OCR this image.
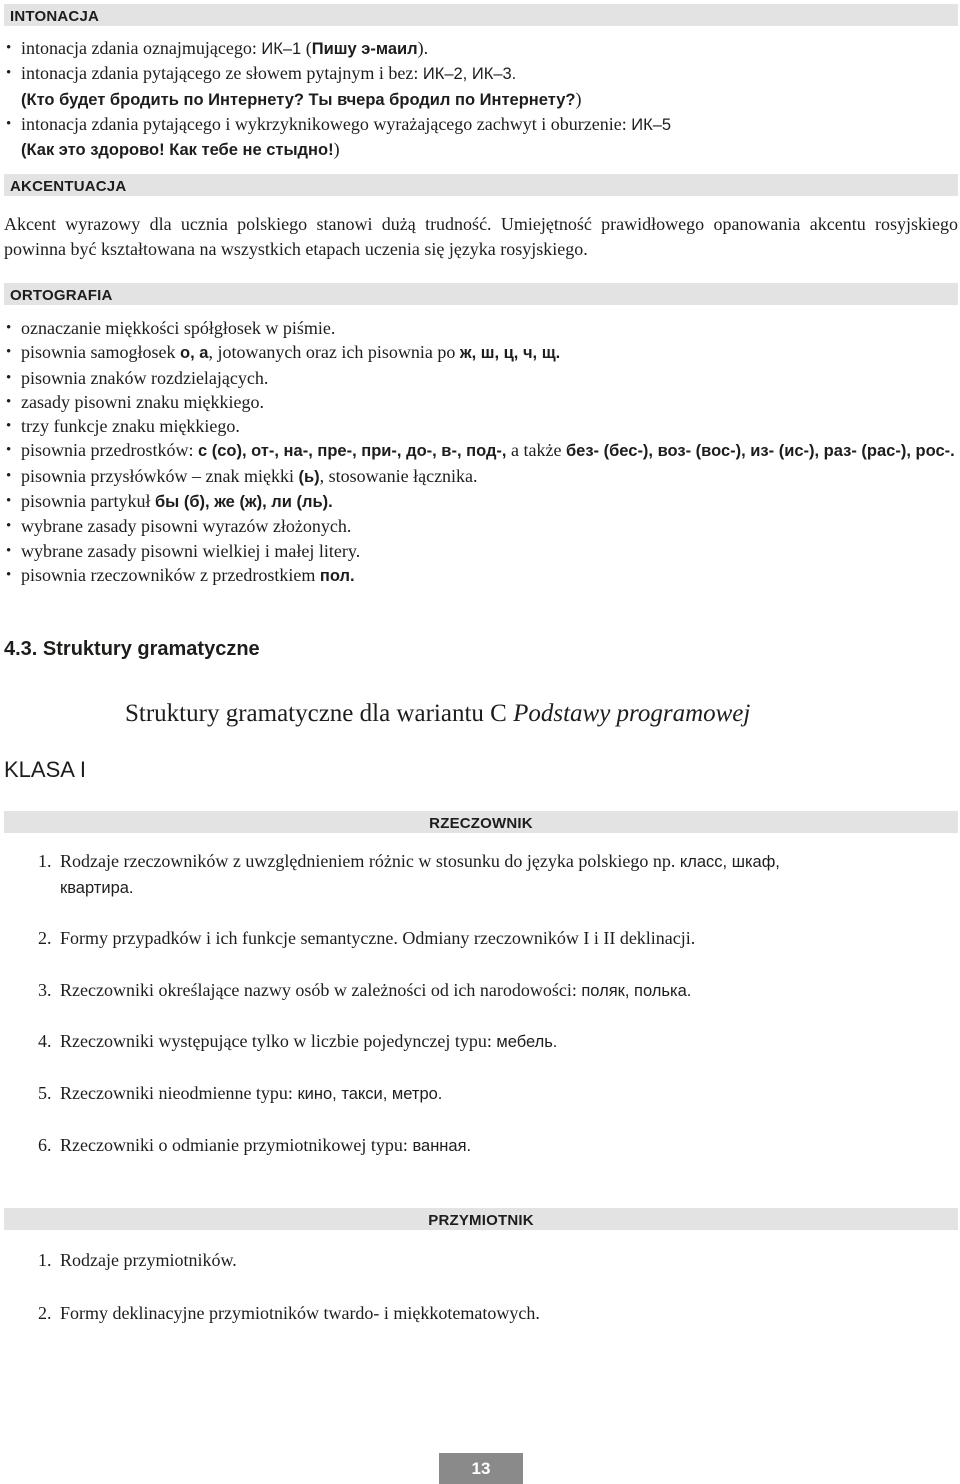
INTONACJA
• intonacja zdania oznajmującego: ИК–1 (Пишу э-маил).
• intonacja zdania pytającego ze słowem pytajnym i bez: ИК–2, ИК–3.
(Кто будет бродить по Интернету? Ты вчера бродил по Интернету?)
• intonacja zdania pytającego i wykrzyknikowego wyrażającego zachwyt i oburzenie: ИК–5
(Как это здорово! Как тебе не стыдно!)
AKCENTUACJA
Akcent wyrazowy dla ucznia polskiego stanowi dużą trudność. Umiejętność prawidłowego opanowania akcentu rosyjskiego powinna być kształtowana na wszystkich etapach uczenia się języka rosyjskiego.
ORTOGRAFIA
• oznaczanie miękkości spółgłosek w piśmie.
• pisownia samogłosek о, а, jotowanych oraz ich pisownia po ж, ш, ц, ч, щ.
• pisownia znaków rozdzielających.
• zasady pisowni znaku miękkiego.
• trzy funkcje znaku miękkiego.
• pisownia przedrostków: с (со), от-, на-, пре-, при-, до-, в-, под-, a także без- (бес-), воз- (вос-), из- (ис-), раз- (рас-), рос-.
• pisownia przysłówków – znak miękki (ь), stosowanie łącznika.
• pisownia partykuł бы (б), же (ж), ли (ль).
• wybrane zasady pisowni wyrazów złożonych.
• wybrane zasady pisowni wielkiej i małej litery.
• pisownia rzeczowników z przedrostkiem пол.
4.3. Struktury gramatyczne
Struktury gramatyczne dla wariantu C Podstawy programowej
KLASA I
RZECZOWNIK
1. Rodzaje rzeczowników z uwzględnieniem różnic w stosunku do języka polskiego np. класс, шкаф,
квартира.
2. Formy przypadków i ich funkcje semantyczne. Odmiany rzeczowników I i II deklinacji.
3. Rzeczowniki określające nazwy osób w zależności od ich narodowości: поляк, полька.
4. Rzeczowniki występujące tylko w liczbie pojedynczej typu: мебель.
5. Rzeczowniki nieodmienne typu: кино, такси, метро.
6. Rzeczowniki o odmianie przymiotnikowej typu: ванная.
PRZYMIOTNIK
1. Rodzaje przymiotników.
2. Formy deklinacyjne przymiotników twardo- i miękkotematowych.
13
